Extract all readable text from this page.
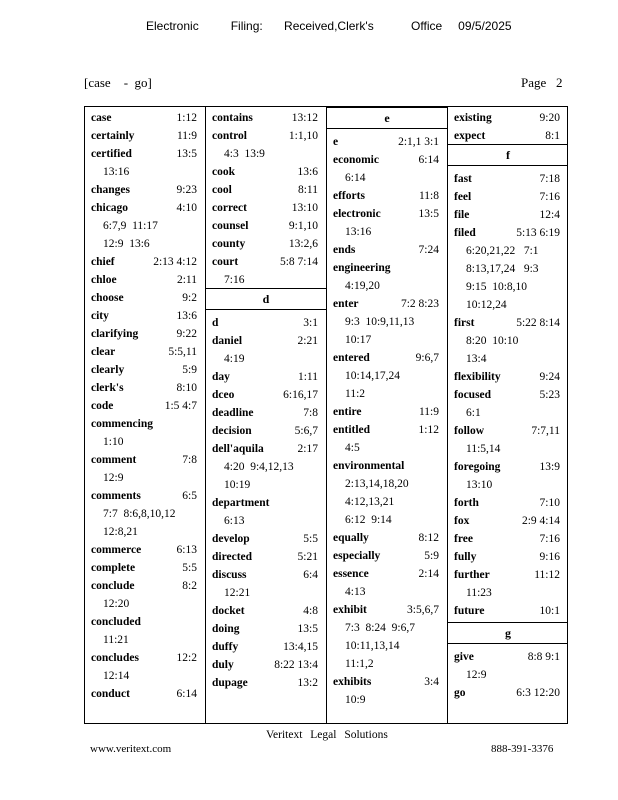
Electronic      Filing:    Received,Clerk's       Office   09/5/2025
[case    -  go]	Page   2
case	1:12
certainly	11:9
certified	13:5
13:16
changes	9:23
chicago	4:10
6:7,9  11:17
12:9  13:6
chief	2:13 4:12
chloe	2:11
choose	9:2
city	13:6
clarifying	9:22
clear	5:5,11
clearly	5:9
clerk's	8:10
code	1:5 4:7
commencing
1:10
comment	7:8
12:9
comments	6:5
7:7  8:6,8,10,12
12:8,21
commerce	6:13
complete	5:5
conclude	8:2
12:20
concluded
11:21
concludes	12:2
12:14
conduct	6:14
contains	13:12
control	1:1,10
4:3  13:9
cook	13:6
cool	8:11
correct	13:10
counsel	9:1,10
county	13:2,6
court	5:8 7:14
7:16
d
d	3:1
daniel	2:21
4:19
day	1:11
dceo	6:16,17
deadline	7:8
decision	5:6,7
dell'aquila	2:17
4:20  9:4,12,13
10:19
department
6:13
develop	5:5
directed	5:21
discuss	6:4
12:21
docket	4:8
doing	13:5
duffy	13:4,15
duly	8:22 13:4
dupage	13:2
e
e	2:1,1 3:1
economic	6:14
6:14
efforts	11:8
electronic	13:5
13:16
ends	7:24
engineering
4:19,20
enter	7:2 8:23
9:3  10:9,11,13
10:17
entered	9:6,7
10:14,17,24
11:2
entire	11:9
entitled	1:12
4:5
environmental
2:13,14,18,20
4:12,13,21
6:12  9:14
equally	8:12
especially	5:9
essence	2:14
4:13
exhibit	3:5,6,7
7:3  8:24  9:6,7
10:11,13,14
11:1,2
exhibits	3:4
10:9
existing	9:20
expect	8:1
f
fast	7:18
feel	7:16
file	12:4
filed	5:13 6:19
6:20,21,22   7:1
8:13,17,24   9:3
9:15  10:8,10
10:12,24
first	5:22 8:14
8:20  10:10
13:4
flexibility	9:24
focused	5:23
6:1
follow	7:7,11
11:5,14
foregoing	13:9
13:10
forth	7:10
fox	2:9 4:14
free	7:16
fully	9:16
further	11:12
11:23
future	10:1
g
give	8:8 9:1
12:9
go	6:3 12:20
Veritext Legal Solutions
www.veritext.com	888-391-3376
